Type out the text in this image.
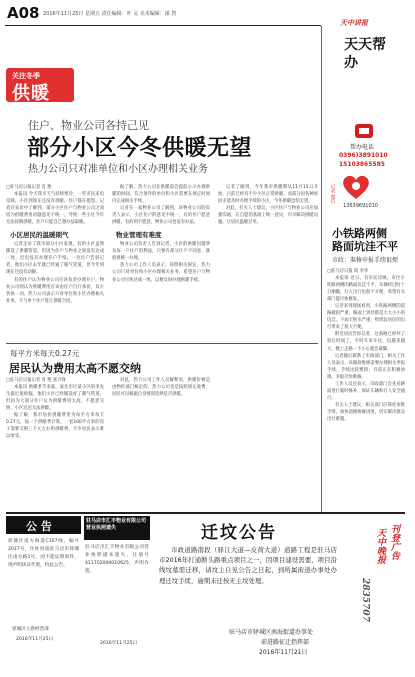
A08 2016年11月25日 星期五 责任编辑：叶 灵 美术编辑：郁 智
天中讲报
天天帮办
关注冬季
供暖
住户、物业公司各持己见
部分小区今冬供暖无望
热力公司只对准单位和小区办理相关业务
□驻马店日报记者 肖 艳

本报讯 今天我市天气持续寒冷，一些市民来电反映，小区到现在还没有供暖，住户都在抱怨。记者在采访中了解到，部分小区住户与物业公司之间因为供暖费用问题意见不统一，导致一些小区今年无法按期供暖，住户只能自己想办法取暖。

小区居民的温暖期气

记者走访了我市部分小区发现，有的小区虽然铺设了供暖管道，但因为住户与物业之间没有达成一致，迟迟没有办理开户手续。一位住户告诉记者，他们小区去年就已经通了暖气管道，但今年到现在还没有动静。

有的住户认为物业公司应该负责办理开户，物业公司则认为供暖费用应该由住户自行承担，双方各执一词，热力公司表示只对单位和小区办理相关业务，不与单个住户签订供暖合同。

据了解，热力公司在供暖前会提前公示办理供暖的时间，符合条件的单位和小区需要在规定时间内完成相关手续。

记者在一家物业公司了解到，该物业公司的负责人表示，小区住户的意见不统一，有的住户愿意供暖，有的则不愿意，物业公司也没有办法。

物业管理有难度

物业公司负责人告诉记者，小区的供暖问题涉及每一户住户的利益，只要有部分住户不同意，就很难统一办理。

热力公司工作人员表示，按照相关规定，热力公司只对单位和小区办理相关业务，希望住户与物业公司尽快达成一致，以便及时办理供暖手续。

记者了解到，今年我市供暖期从11月15日开始，目前已经有不少小区正常供暖，而部分因各种原因未能及时办理手续的小区，今冬供暖恐怕无望。

对此，有关人士建议，小区住户与物业公司应加强沟通，在自愿的基础上统一意见，尽早解决供暖问题，让居民温暖过冬。

帮办电话
0396)3891010
15103865585
记者 微信
13639691010
小铁路两侧
路面坑洼不平
市政：准修申报手续很烦
□驻马店日报 周 李华

本报讯 近日，有市民反映，市区小铁路两侧的路面坑洼不平，车辆经过时十分颠簸，行人出行也很不方便，希望有关部门能尽快修复。

记者来到现场看到，小铁路两侧的道路破损严重，路面上到处都是大大小小的坑洼，下雨天积水严重，给周边居民的出行带来了很大不便。

附近居民告诉记者，这条路已经坏了很长时间了，平时车来车往，坑越来越大，晚上走路一不小心就会崴脚。

记者随后联系了市政部门，相关工作人员表示，该路段维修需要办理相关申报手续，手续比较繁琐，目前正在积极协调，争取尽快维修。

工作人员还表示，市政部门会先对路面进行临时修补，保证车辆和行人安全通行。

有关人士建议，相关部门应简化审批手续，加快道路维修进度，切实解决群众出行难题。

每平方米每天0.27元
居民认为费用太高不愿交纳
□驻马店日报记者 肖 艳 张兴锋

本报讯 供暖季节来临，家住市区某小区的李先生最近很烦恼，他们小区已经铺设好了暖气管道，但因为大部分住户认为供暖费用太高，不愿意交纳，小区迟迟无法供暖。

据了解，我市居民供暖费用为每平方米每天0.27元，按一个供暖季计算，一套100平方米的房子需要交纳三千元左右的供暖费，不少居民表示难以承受。

对此，热力公司工作人员解释说，供暖价格是由物价部门核定的，热力公司也是按照规定收费，居民可以根据自身情况选择是否供暖。

公 告
驿城区南方路道C107线，编号2017号，住址河南驻马店市驿城区南方路1号，因不能证明原件，现声明该证作废，特此公告。
驿城区立新经营部
2016年11月25日
驻马店市汇丰物业有限公司营业执照遗失
驻马店市汇丰物业有限公司营业执照副本遗失，注册号411702000010625，声明作废。
2016年11月25日
迁坟公告
市政道路南段（驿江大道—皮荷大道）道路工程是驻马店市2016年打通断头路重点项目之一，因项目建设需要，项目沿线坟墓需迁移，请坟主自见公告之日起，到所属街道办事处办理迁坟手续，逾期未迁按无主坟处理。
驻马店市驿城区南海街道办事处
前进路征迁指挥部
2016年11月21日
刊登广告
天中晚报
2835707
